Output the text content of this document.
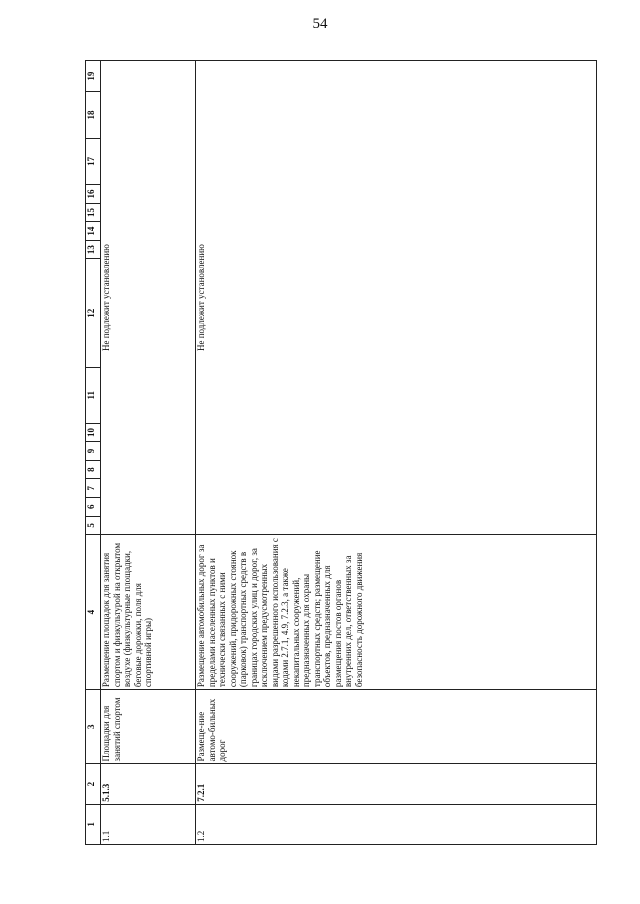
54
1	2	3	4	5	6	7	8	9	10	11	12	13	14	15	16	17	18	19
1.1	5.1.3	Площадки для занятий спортом	Размещение площадок для занятия спортом и физкультурой на открытом воздухе (физкультурные площадки, беговые дорожки, поля для спортивной игры)	Не подлежит установлению														
1.2	7.2.1	Размеще-ние автомо-бильных дорог	Размещение автомобильных дорог за пределами населенных пунктов и технически связанных с ними сооружений, придорожных стоянок (парковок) транспортных средств в границах городских улиц и дорог, за исключением предусмотренных видами разрешенного использования с кодами 2.7.1, 4.9, 7.2.3, а также некапитальных сооружений, предназначенных для охраны транспортных средств; размещение объектов, предназначенных для размещения постов органов внутренних дел, ответственных за безопасность дорожного движения	Не подлежит установлению														
